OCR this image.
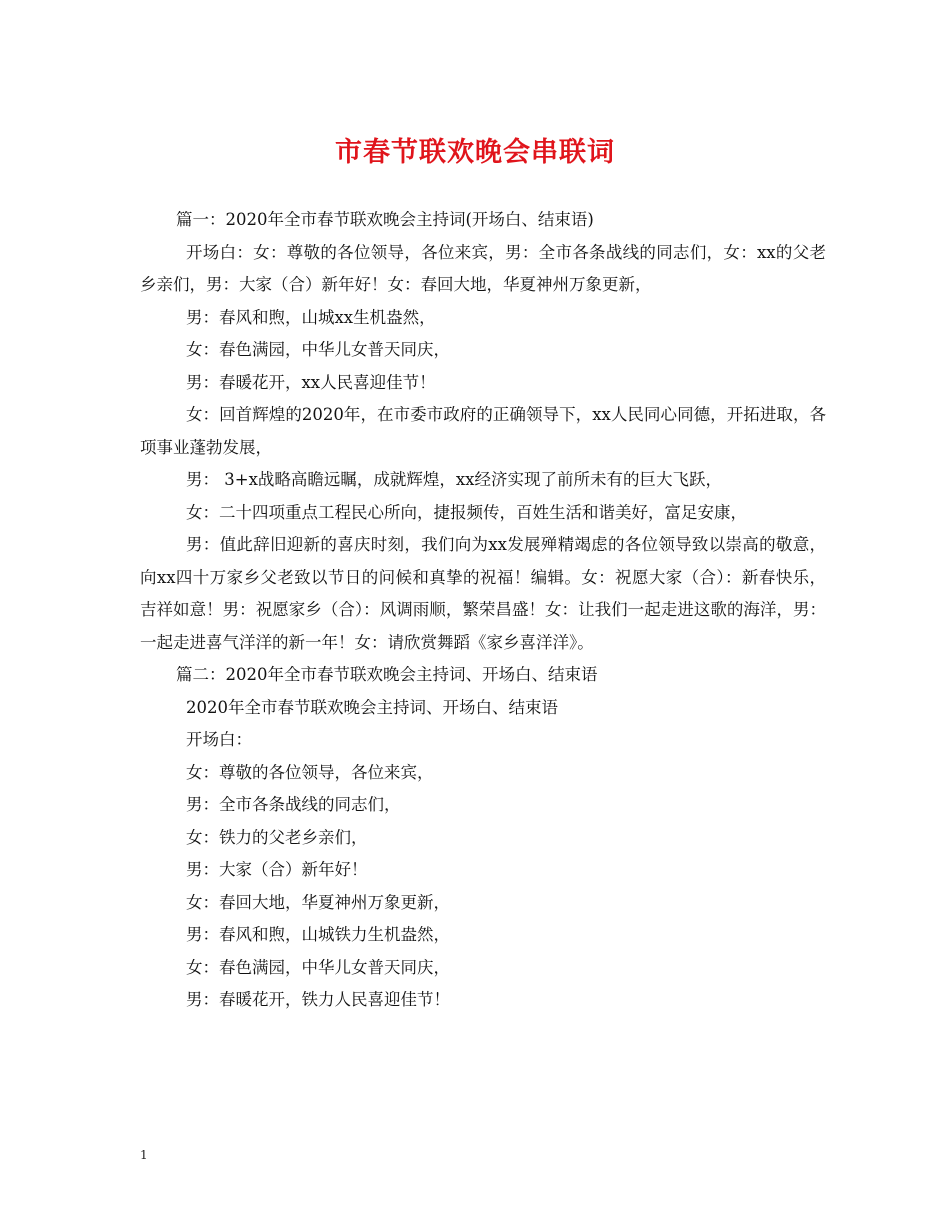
市春节联欢晚会串联词

篇一：2020年全市春节联欢晚会主持词(开场白、结束语)

开场白：女：尊敬的各位领导，各位来宾，男：全市各条战线的同志们，女：xx的父老乡亲们，男：大家（合）新年好！女：春回大地，华夏神州万象更新，

男：春风和煦，山城xx生机盎然，

女：春色满园，中华儿女普天同庆，

男：春暖花开，xx人民喜迎佳节！

女：回首辉煌的2020年，在市委市政府的正确领导下，xx人民同心同德，开拓进取，各项事业蓬勃发展，

男： 3+x战略高瞻远瞩，成就辉煌，xx经济实现了前所未有的巨大飞跃，

女：二十四项重点工程民心所向，捷报频传，百姓生活和谐美好，富足安康，

男：值此辞旧迎新的喜庆时刻，我们向为xx发展殚精竭虑的各位领导致以崇高的敬意，向xx四十万家乡父老致以节日的问候和真挚的祝福！编辑。女：祝愿大家（合）：新春快乐，吉祥如意！男：祝愿家乡（合）：风调雨顺，繁荣昌盛！女：让我们一起走进这歌的海洋，男：一起走进喜气洋洋的新一年！女：请欣赏舞蹈《家乡喜洋洋》。

篇二：2020年全市春节联欢晚会主持词、开场白、结束语

2020年全市春节联欢晚会主持词、开场白、结束语

开场白：

女：尊敬的各位领导，各位来宾，

男：全市各条战线的同志们，

女：铁力的父老乡亲们，

男：大家（合）新年好！

女：春回大地，华夏神州万象更新，

男：春风和煦，山城铁力生机盎然，

女：春色满园，中华儿女普天同庆，

男：春暖花开，铁力人民喜迎佳节！

1
